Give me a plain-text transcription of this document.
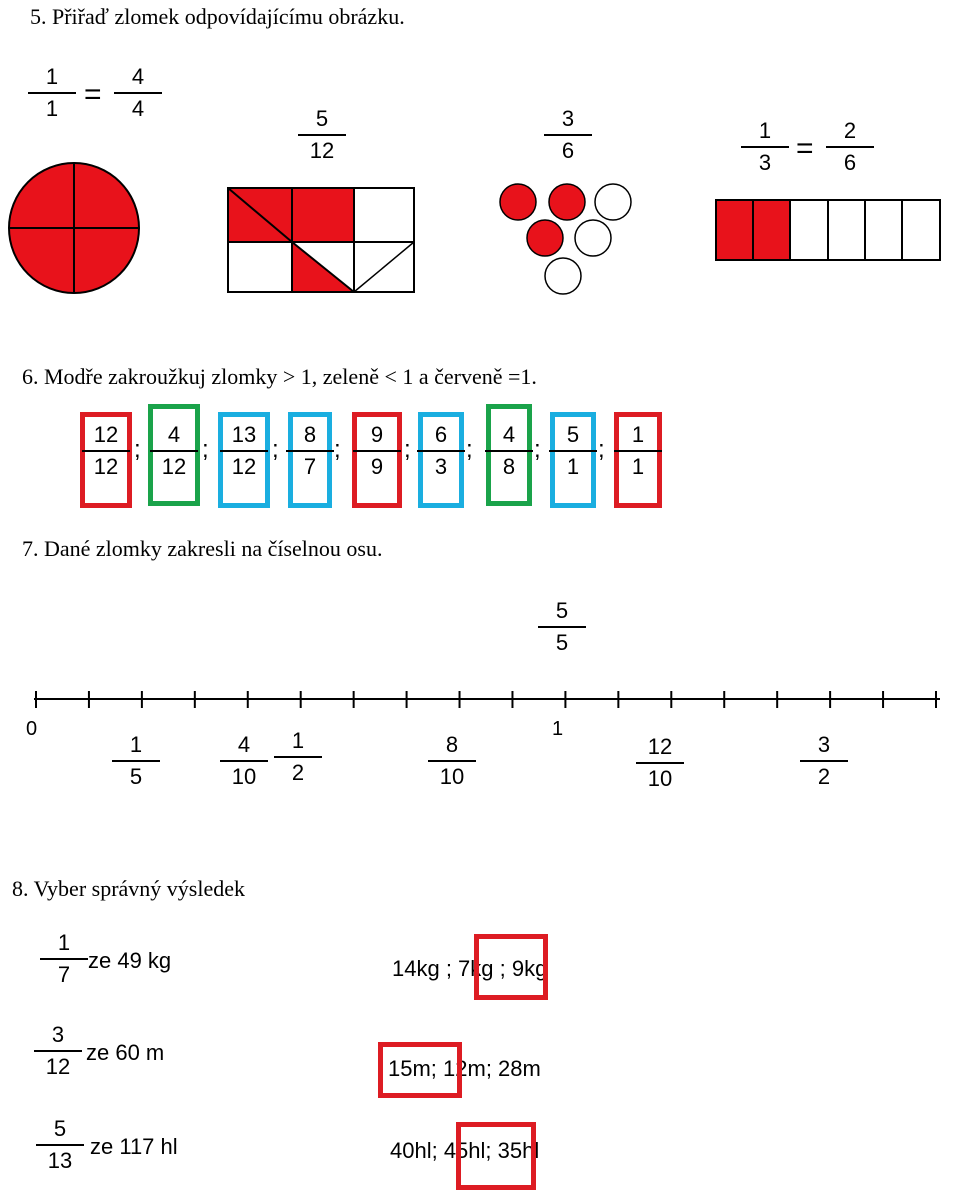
5. Přiřaď zlomek odpovídajícímu obrázku.
1
1 =
4
4	5
12
3
6
1
3 =
2
6
6. Modře zakroužkuj zlomky > 1, zeleně < 1 a červeně =1.
12
12
;
4
12
;
13
12
;
8
7
;
9
9
;
6
3
;
4
8
;
5
1
;
1
1
7. Dané zlomky zakresli na číselnou osu.
5
5
0	1
1
5
4
10
1
2
8
10
12
10
3
2
8. Vyber správný výsledek
1
7
ze 49 kg	14kg ; 7kg ; 9kg
3
12
ze 60 m
15m; 12m; 28m
5
13
ze 117 hl	40hl; 45hl; 35hl
